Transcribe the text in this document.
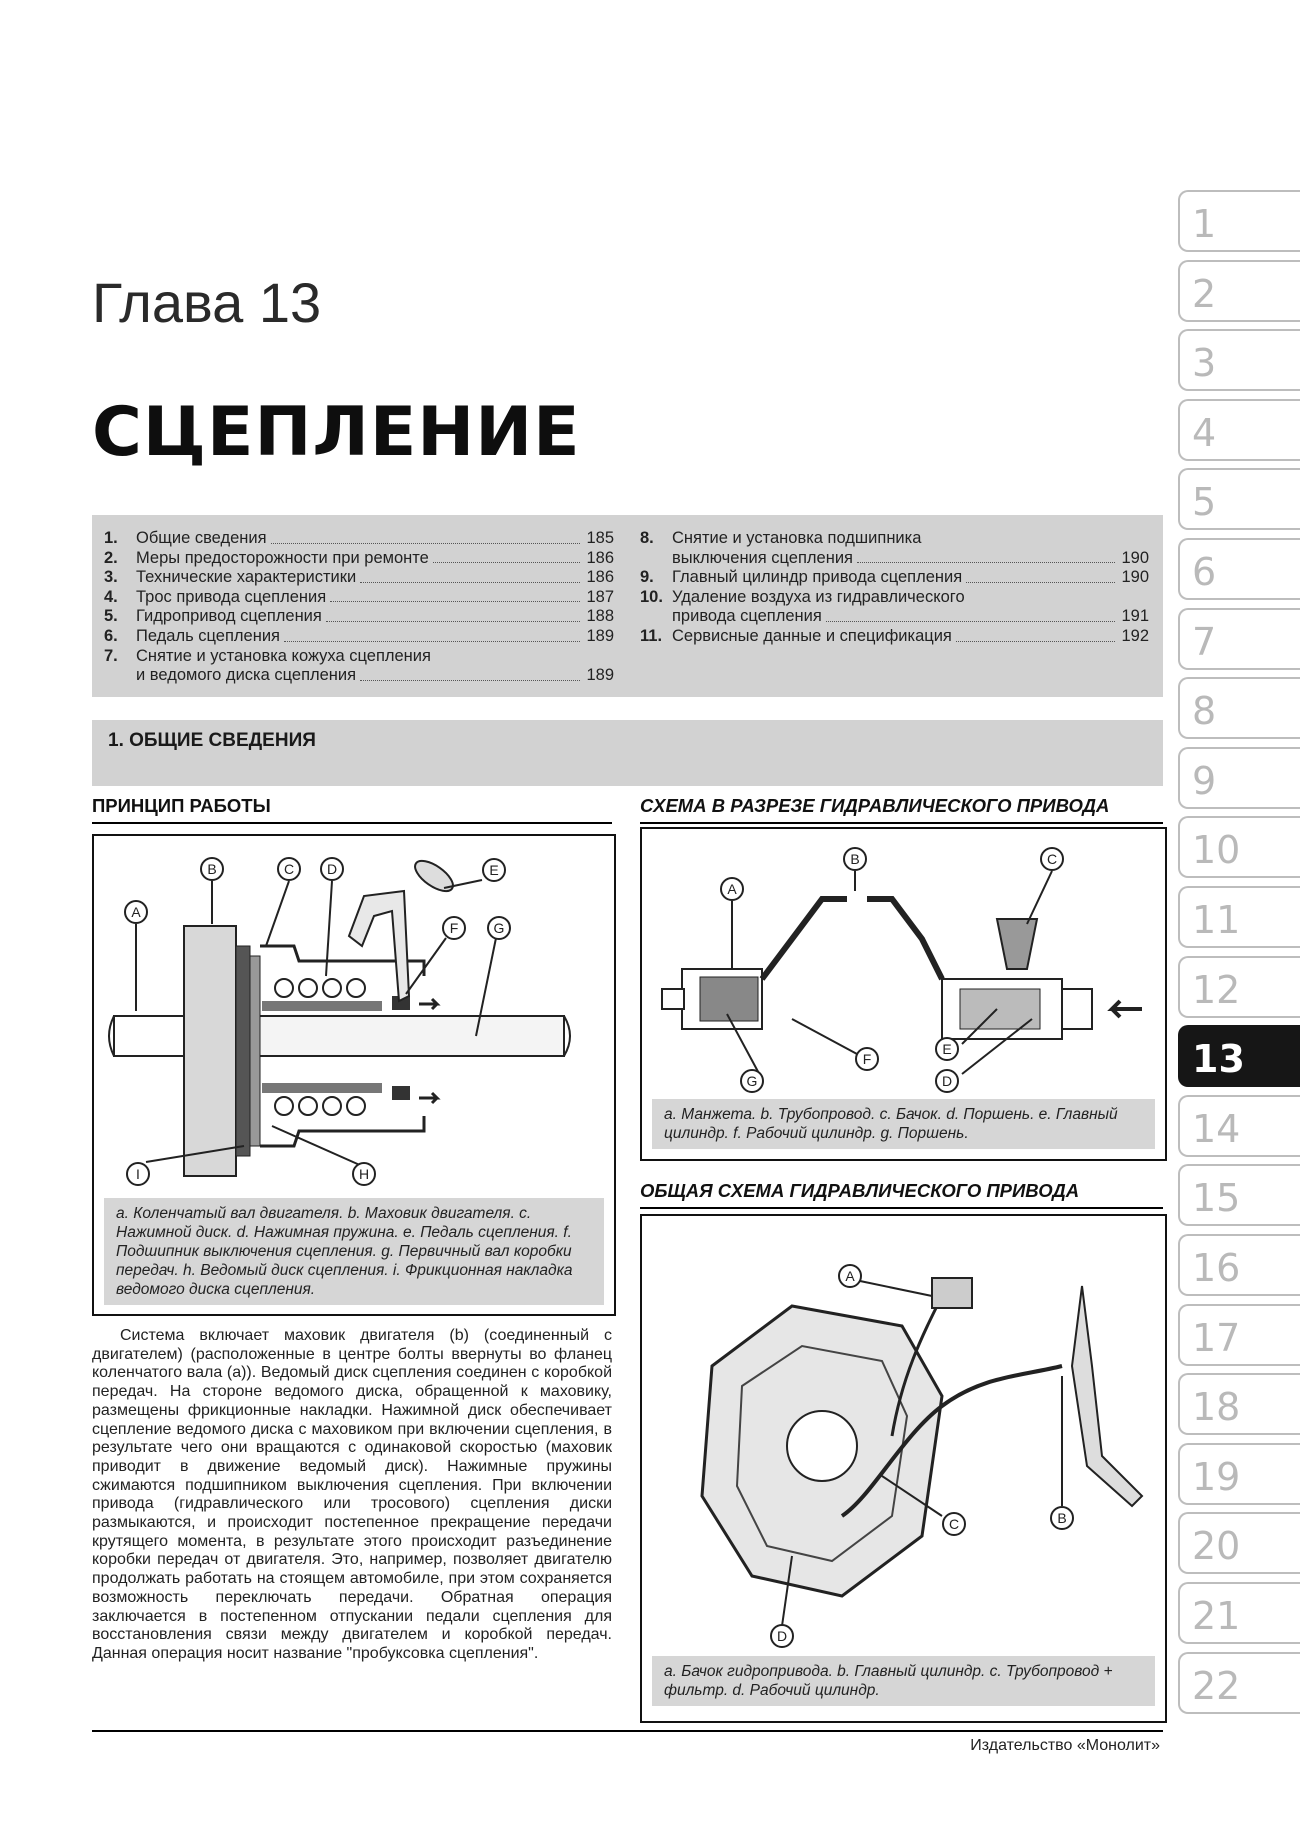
Глава 13
СЦЕПЛЕНИЕ
1.	Общие сведения	185
2.	Меры предосторожности при ремонте	186
3.	Технические характеристики	186
4.	Трос привода сцепления	187
5.	Гидропривод сцепления	188
6.	Педаль сцепления	189
7.	Снятие и установка кожуха сцепления
и ведомого диска сцепления	189
8.	Снятие и установка подшипника
выключения сцепления	190
9.	Главный цилиндр привода сцепления	190
10. Удаление воздуха из гидравлического
привода сцепления	191
11. Сервисные данные и спецификация	192
1. ОБЩИЕ СВЕДЕНИЯ
ПРИНЦИП РАБОТЫ
A
B	C D	E
F	G
H
I
a. Коленчатый вал двигателя. b. Маховик двигателя. c. Нажимной диск. d. Нажимная пружина. e. Педаль сцепления. f. Подшипник выключения сцепления. g. Первичный вал коробки передач. h. Ведомый диск сцепления. i. Фрикционная накладка ведомого диска сцепления.
СХЕМА В РАЗРЕЗЕ ГИДРАВЛИЧЕСКОГО ПРИВОДА
A
B	C
E
F
G	D
a. Манжета. b. Трубопровод. c. Бачок. d. Поршень. e. Главный цилиндр. f. Рабочий цилиндр. g. Поршень.
ОБЩАЯ СХЕМА ГИДРАВЛИЧЕСКОГО ПРИВОДА
A
B
C
D
a. Бачок гидропривода. b. Главный цилиндр. c. Трубопровод + фильтр. d. Рабочий цилиндр.
Система включает маховик двигателя (b) (соединенный с двигателем) (расположенные в центре болты ввернуты во фланец коленчатого вала (a)). Ведомый диск сцепления соединен с коробкой передач. На стороне ведомого диска, обращенной к маховику, размещены фрикционные накладки. Нажимной диск обеспечивает сцепление ведомого диска с маховиком при включении сцепления, в результате чего они вращаются с одинаковой скоростью (маховик приводит в движение ведомый диск). Нажимные пружины сжимаются подшипником выключения сцепления. При включении привода (гидравлического или тросового) сцепления диски размыкаются, и происходит постепенное прекращение передачи крутящего момента, в результате этого происходит разъединение коробки передач от двигателя. Это, например, позволяет двигателю продолжать работать на стоящем автомобиле, при этом сохраняется возможность переключать передачи. Обратная операция заключается в постепенном отпускании педали сцепления для восстановления связи между двигателем и коробкой передач. Данная операция носит название "пробуксовка сцепления".
Издательство «Монолит»
1
2
3
4
5
6
7
8
9
10
11
12
13
14
15
16
17
18
19
20
21
22
